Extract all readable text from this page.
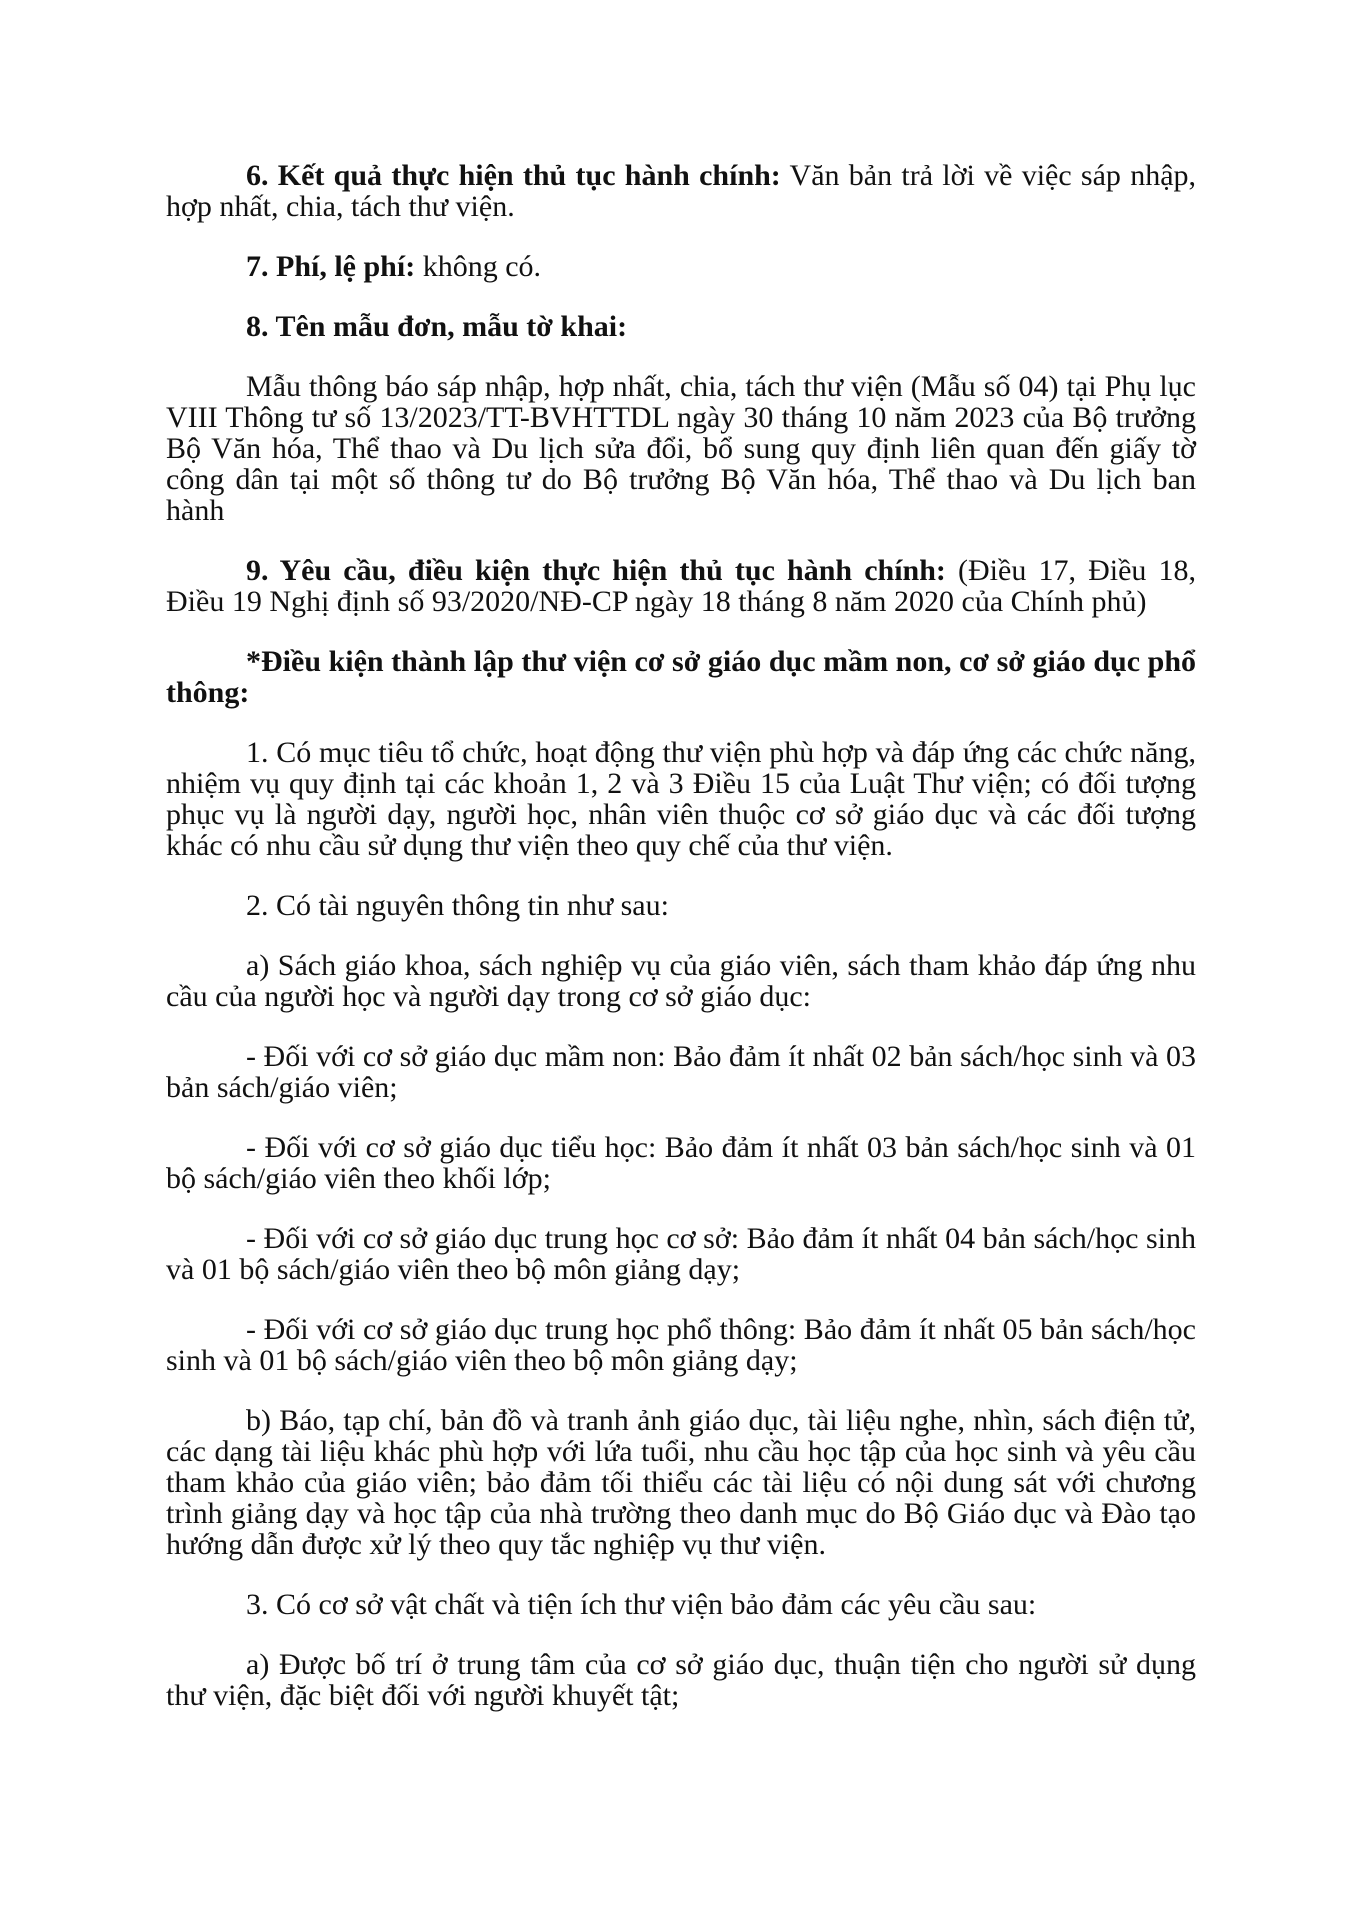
6. Kết quả thực hiện thủ tục hành chính: Văn bản trả lời về việc sáp nhập, hợp nhất, chia, tách thư viện.

7. Phí, lệ phí: không có.

8. Tên mẫu đơn, mẫu tờ khai:

Mẫu thông báo sáp nhập, hợp nhất, chia, tách thư viện (Mẫu số 04) tại Phụ lục VIII Thông tư số 13/2023/TT-BVHTTDL ngày 30 tháng 10 năm 2023 của Bộ trưởng Bộ Văn hóa, Thể thao và Du lịch sửa đổi, bổ sung quy định liên quan đến giấy tờ công dân tại một số thông tư do Bộ trưởng Bộ Văn hóa, Thể thao và Du lịch ban hành

9. Yêu cầu, điều kiện thực hiện thủ tục hành chính: (Điều 17, Điều 18, Điều 19 Nghị định số 93/2020/NĐ-CP ngày 18 tháng 8 năm 2020 của Chính phủ)

*Điều kiện thành lập thư viện cơ sở giáo dục mầm non, cơ sở giáo dục phổ thông:

1. Có mục tiêu tổ chức, hoạt động thư viện phù hợp và đáp ứng các chức năng, nhiệm vụ quy định tại các khoản 1, 2 và 3 Điều 15 của Luật Thư viện; có đối tượng phục vụ là người dạy, người học, nhân viên thuộc cơ sở giáo dục và các đối tượng khác có nhu cầu sử dụng thư viện theo quy chế của thư viện.

2. Có tài nguyên thông tin như sau:

a) Sách giáo khoa, sách nghiệp vụ của giáo viên, sách tham khảo đáp ứng nhu cầu của người học và người dạy trong cơ sở giáo dục:

- Đối với cơ sở giáo dục mầm non: Bảo đảm ít nhất 02 bản sách/học sinh và 03 bản sách/giáo viên;

- Đối với cơ sở giáo dục tiểu học: Bảo đảm ít nhất 03 bản sách/học sinh và 01 bộ sách/giáo viên theo khối lớp;

- Đối với cơ sở giáo dục trung học cơ sở: Bảo đảm ít nhất 04 bản sách/học sinh và 01 bộ sách/giáo viên theo bộ môn giảng dạy;

- Đối với cơ sở giáo dục trung học phổ thông: Bảo đảm ít nhất 05 bản sách/học sinh và 01 bộ sách/giáo viên theo bộ môn giảng dạy;

b) Báo, tạp chí, bản đồ và tranh ảnh giáo dục, tài liệu nghe, nhìn, sách điện tử, các dạng tài liệu khác phù hợp với lứa tuổi, nhu cầu học tập của học sinh và yêu cầu tham khảo của giáo viên; bảo đảm tối thiểu các tài liệu có nội dung sát với chương trình giảng dạy và học tập của nhà trường theo danh mục do Bộ Giáo dục và Đào tạo hướng dẫn được xử lý theo quy tắc nghiệp vụ thư viện.

3. Có cơ sở vật chất và tiện ích thư viện bảo đảm các yêu cầu sau:

a) Được bố trí ở trung tâm của cơ sở giáo dục, thuận tiện cho người sử dụng thư viện, đặc biệt đối với người khuyết tật;
